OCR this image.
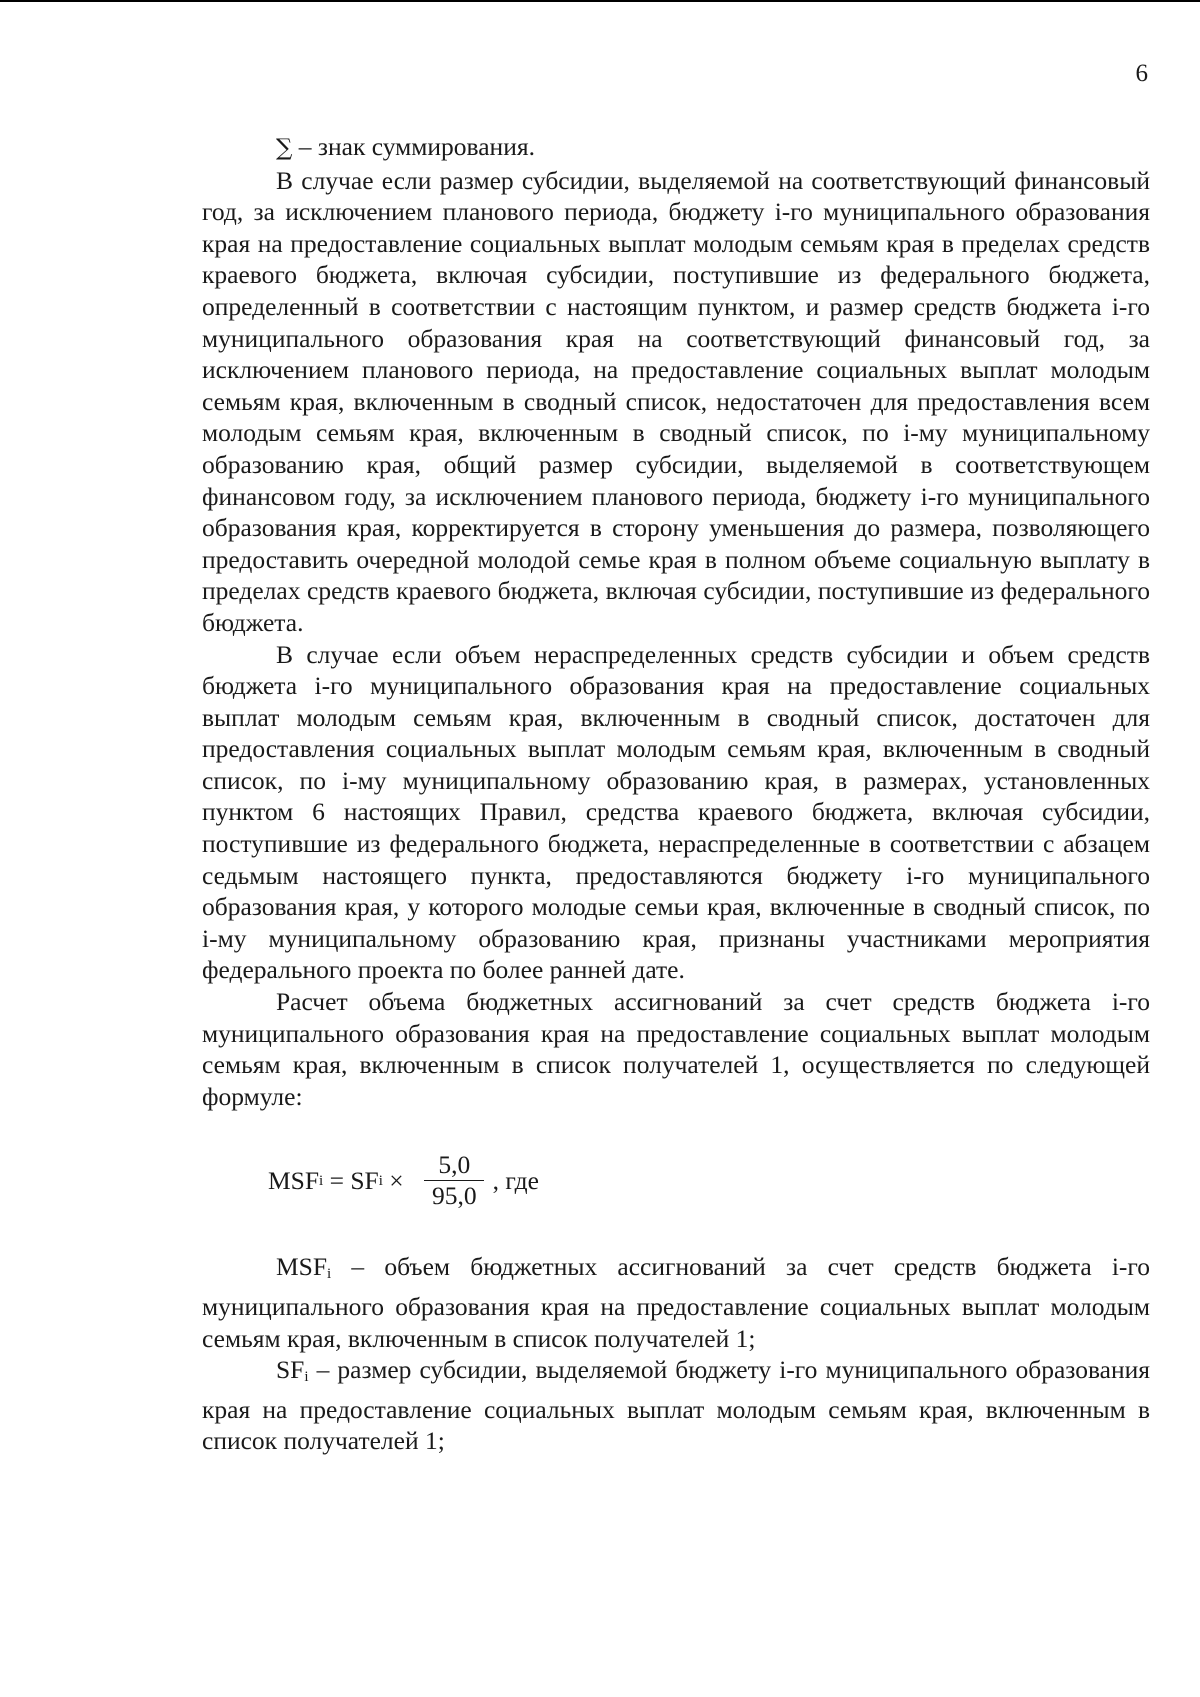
6

∑ – знак суммирования.

В случае если размер субсидии, выделяемой на соответствующий финансовый год, за исключением планового периода, бюджету i-го муниципального образования края на предоставление социальных выплат молодым семьям края в пределах средств краевого бюджета, включая субсидии, поступившие из федерального бюджета, определенный в соответствии с настоящим пунктом, и размер средств бюджета i-го муниципального образования края на соответствующий финансовый год, за исключением планового периода, на предоставление социальных выплат молодым семьям края, включенным в сводный список, недостаточен для предоставления всем молодым семьям края, включенным в сводный список, по i-му муниципальному образованию края, общий размер субсидии, выделяемой в соответствующем финансовом году, за исключением планового периода, бюджету i-го муниципального образования края, корректируется в сторону уменьшения до размера, позволяющего предоставить очередной молодой семье края в полном объеме социальную выплату в пределах средств краевого бюджета, включая субсидии, поступившие из федерального бюджета.

В случае если объем нераспределенных средств субсидии и объем средств бюджета i-го муниципального образования края на предоставление социальных выплат молодым семьям края, включенным в сводный список, достаточен для предоставления социальных выплат молодым семьям края, включенным в сводный список, по i-му муниципальному образованию края, в размерах, установленных пунктом 6 настоящих Правил, средства краевого бюджета, включая субсидии, поступившие из федерального бюджета, нераспределенные в соответствии с абзацем седьмым настоящего пункта, предоставляются бюджету i-го муниципального образования края, у которого молодые семьи края, включенные в сводный список, по i-му муниципальному образованию края, признаны участниками мероприятия федерального проекта по более ранней дате.

Расчет объема бюджетных ассигнований за счет средств бюджета i-го муниципального образования края на предоставление социальных выплат молодым семьям края, включенным в список получателей 1, осуществляется по следующей формуле:

MSF i = SF $i \times \frac{5,0}{95,0}$ , где

$MSF_i$ – объем бюджетных ассигнований за счет средств бюджета i-го муниципального образования края на предоставление социальных выплат молодым семьям края, включенным в список получателей 1;

$SF_i$ – размер субсидии, выделяемой бюджету i-го муниципального образования края на предоставление социальных выплат молодым семьям края, включенным в список получателей 1;
